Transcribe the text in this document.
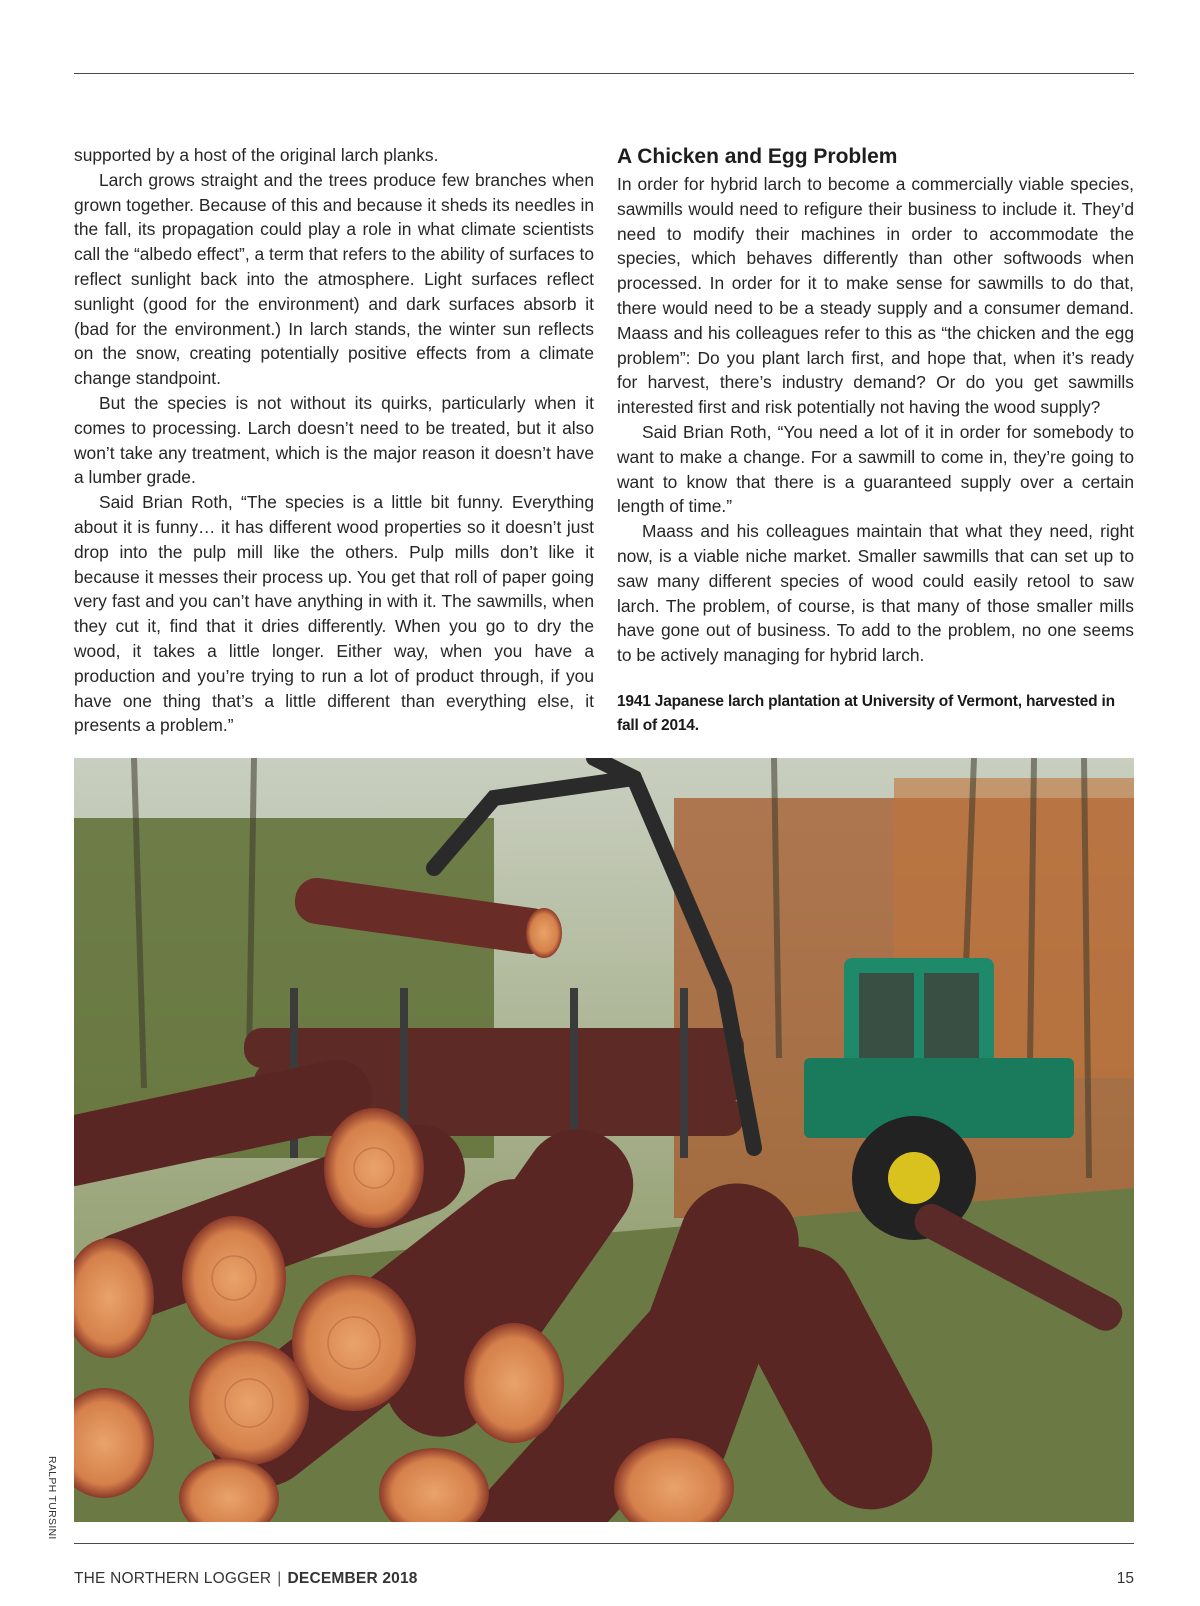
supported by a host of the original larch planks.

Larch grows straight and the trees produce few branches when grown together. Because of this and because it sheds its needles in the fall, its propagation could play a role in what climate scientists call the “albedo effect”, a term that refers to the ability of surfaces to reflect sunlight back into the atmosphere. Light surfaces reflect sunlight (good for the environment) and dark surfaces absorb it (bad for the environment.) In larch stands, the winter sun reflects on the snow, creating potentially positive effects from a climate change standpoint.

But the species is not without its quirks, particularly when it comes to processing. Larch doesn’t need to be treated, but it also won’t take any treatment, which is the major reason it doesn’t have a lumber grade.

Said Brian Roth, “The species is a little bit funny. Everything about it is funny… it has different wood properties so it doesn’t just drop into the pulp mill like the others. Pulp mills don’t like it because it messes their process up. You get that roll of paper going very fast and you can’t have anything in with it. The sawmills, when they cut it, find that it dries differently. When you go to dry the wood, it takes a little longer. Either way, when you have a production and you’re trying to run a lot of product through, if you have one thing that’s a little different than everything else, it presents a problem.”

A Chicken and Egg Problem

In order for hybrid larch to become a commercially viable species, sawmills would need to refigure their business to include it. They’d need to modify their machines in order to accommodate the species, which behaves differently than other softwoods when processed. In order for it to make sense for sawmills to do that, there would need to be a steady supply and a consumer demand. Maass and his colleagues refer to this as “the chicken and the egg problem”: Do you plant larch first, and hope that, when it’s ready for harvest, there’s industry demand? Or do you get sawmills interested first and risk potentially not having the wood supply?

Said Brian Roth, “You need a lot of it in order for somebody to want to make a change. For a sawmill to come in, they’re going to want to know that there is a guaranteed supply over a certain length of time.”

Maass and his colleagues maintain that what they need, right now, is a viable niche market. Smaller sawmills that can set up to saw many different species of wood could easily retool to saw larch. The problem, of course, is that many of those smaller mills have gone out of business. To add to the problem, no one seems to be actively managing for hybrid larch.

1941 Japanese larch plantation at University of Vermont, harvested in fall of 2014.

RALPH TURSINI
THE NORTHERN LOGGER | DECEMBER 2018	15
